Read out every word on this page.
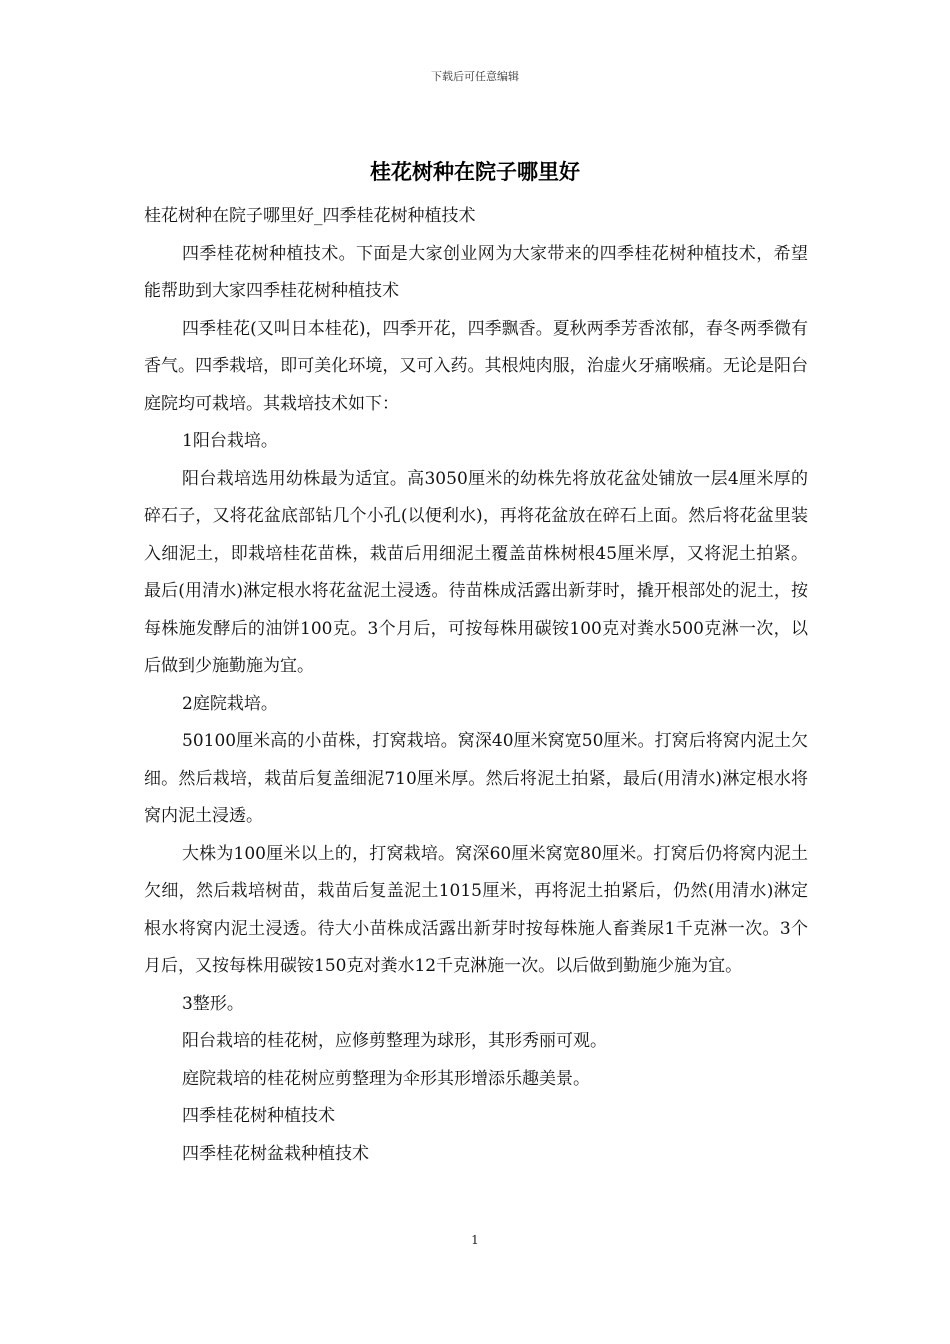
下载后可任意编辑
桂花树种在院子哪里好

桂花树种在院子哪里好_四季桂花树种植技术

四季桂花树种植技术。下面是大家创业网为大家带来的四季桂花树种植技术，希望能帮助到大家四季桂花树种植技术

四季桂花(又叫日本桂花)，四季开花，四季飘香。夏秋两季芳香浓郁，春冬两季微有香气。四季栽培，即可美化环境，又可入药。其根炖肉服，治虚火牙痛喉痛。无论是阳台庭院均可栽培。其栽培技术如下：

1阳台栽培。

阳台栽培选用幼株最为适宜。高3050厘米的幼株先将放花盆处铺放一层4厘米厚的碎石子，又将花盆底部钻几个小孔(以便利水)，再将花盆放在碎石上面。然后将花盆里装入细泥土，即栽培桂花苗株，栽苗后用细泥土覆盖苗株树根45厘米厚，又将泥土拍紧。最后(用清水)淋定根水将花盆泥土浸透。待苗株成活露出新芽时，撬开根部处的泥土，按每株施发酵后的油饼100克。3个月后，可按每株用碳铵100克对粪水500克淋一次，以后做到少施勤施为宜。

2庭院栽培。

50100厘米高的小苗株，打窝栽培。窝深40厘米窝宽50厘米。打窝后将窝内泥土欠细。然后栽培，栽苗后复盖细泥710厘米厚。然后将泥土拍紧，最后(用清水)淋定根水将窝内泥土浸透。

大株为100厘米以上的，打窝栽培。窝深60厘米窝宽80厘米。打窝后仍将窝内泥土欠细，然后栽培树苗，栽苗后复盖泥土1015厘米，再将泥土拍紧后，仍然(用清水)淋定根水将窝内泥土浸透。待大小苗株成活露出新芽时按每株施人畜粪尿1千克淋一次。3个月后，又按每株用碳铵150克对粪水12千克淋施一次。以后做到勤施少施为宜。

3整形。

阳台栽培的桂花树，应修剪整理为球形，其形秀丽可观。

庭院栽培的桂花树应剪整理为伞形其形增添乐趣美景。

四季桂花树种植技术

四季桂花树盆栽种植技术

1
